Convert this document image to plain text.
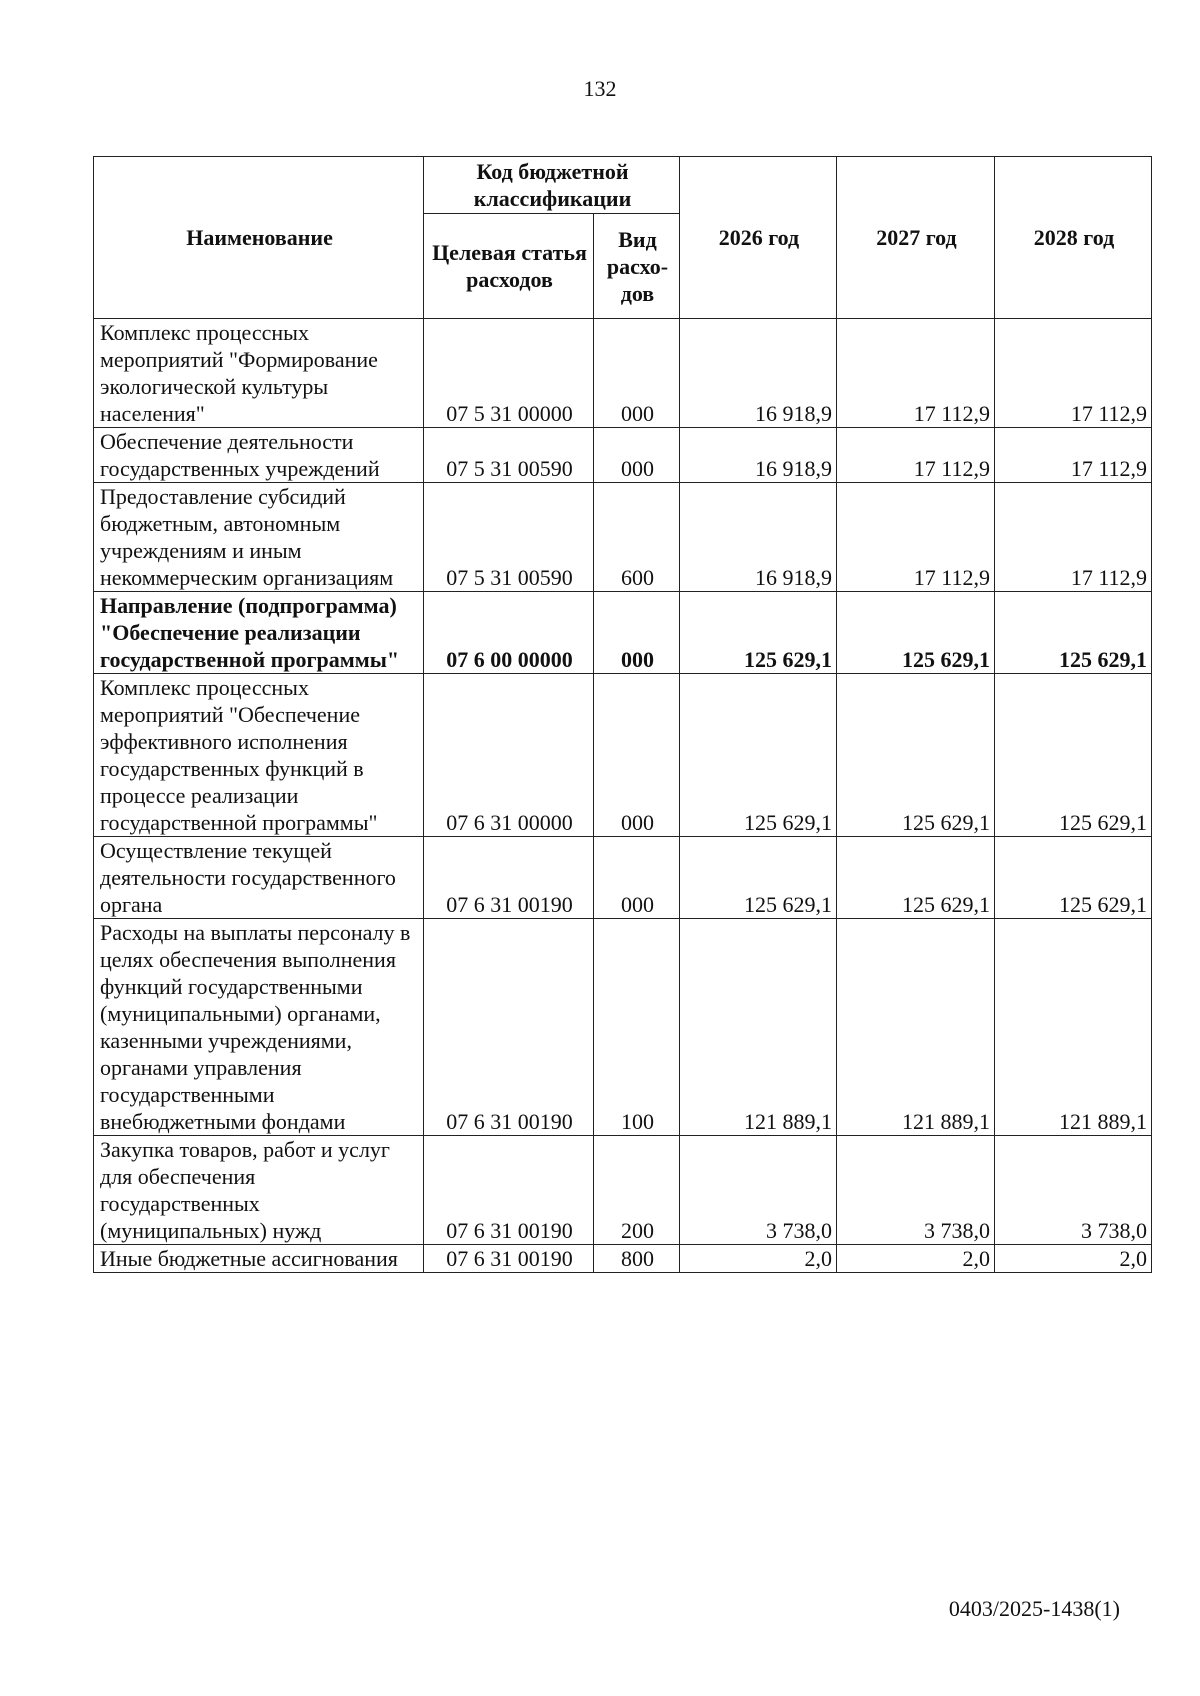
132
Наименование	Код бюджетной классификации		2026 год	2027 год	2028 год
	Целевая статья расходов	Вид расхо-дов			
Комплекс процессных мероприятий "Формирование экологической культуры населения"	07 5 31 00000	000	16 918,9	17 112,9	17 112,9
Обеспечение деятельности государственных учреждений	07 5 31 00590	000	16 918,9	17 112,9	17 112,9
Предоставление субсидий бюджетным, автономным учреждениям и иным некоммерческим организациям	07 5 31 00590	600	16 918,9	17 112,9	17 112,9
Направление (подпрограмма) "Обеспечение реализации государственной программы"	07 6 00 00000	000	125 629,1	125 629,1	125 629,1
Комплекс процессных мероприятий "Обеспечение эффективного исполнения государственных функций в процессе реализации государственной программы"	07 6 31 00000	000	125 629,1	125 629,1	125 629,1
Осуществление текущей деятельности государственного органа	07 6 31 00190	000	125 629,1	125 629,1	125 629,1
Расходы на выплаты персоналу в целях обеспечения выполнения функций государственными (муниципальными) органами, казенными учреждениями, органами управления государственными внебюджетными фондами	07 6 31 00190	100	121 889,1	121 889,1	121 889,1
Закупка товаров, работ и услуг для обеспечения государственных (муниципальных) нужд	07 6 31 00190	200	3 738,0	3 738,0	3 738,0
Иные бюджетные ассигнования	07 6 31 00190	800	2,0	2,0	2,0
0403/2025-1438(1)
